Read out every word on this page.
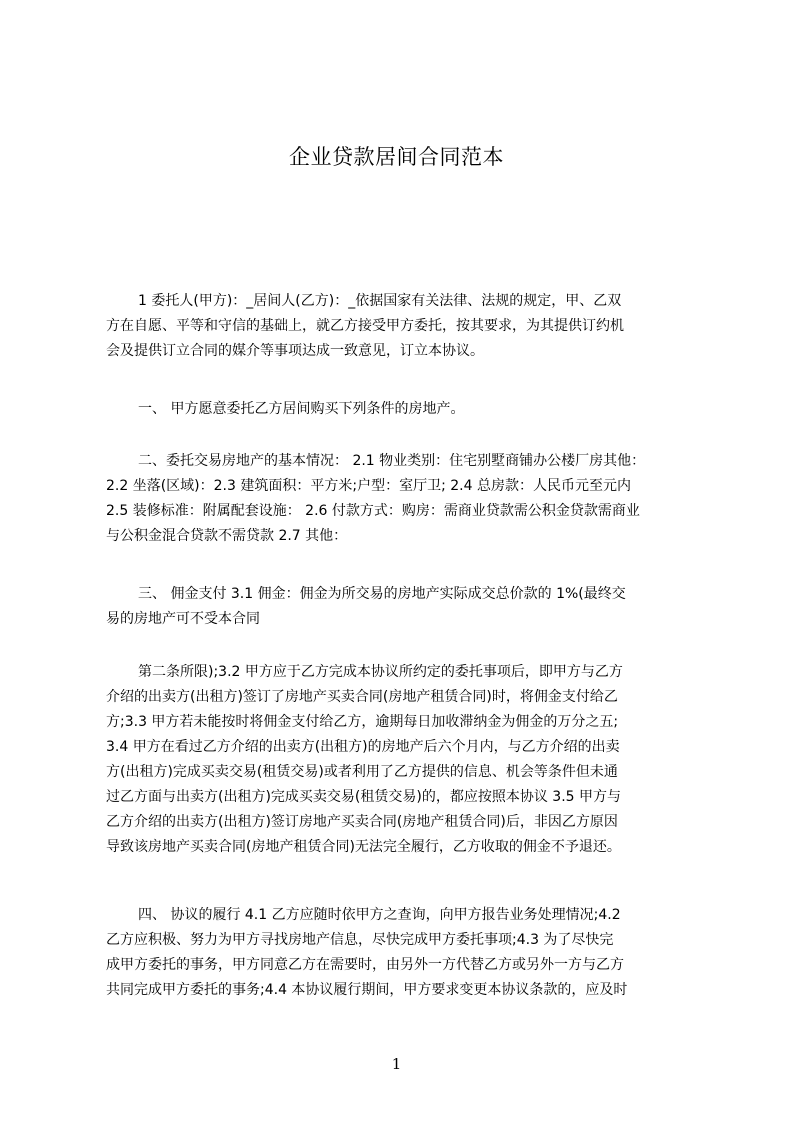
企业贷款居间合同范本
1 委托人(甲方)：_居间人(乙方)：_依据国家有关法律、法规的规定，甲、乙双
方在自愿、平等和守信的基础上，就乙方接受甲方委托，按其要求，为其提供订约机
会及提供订立合同的媒介等事项达成一致意见，订立本协议。
一、 甲方愿意委托乙方居间购买下列条件的房地产。
二、委托交易房地产的基本情况： 2.1 物业类别：住宅别墅商铺办公楼厂房其他：
2.2 坐落(区域)：2.3 建筑面积：平方米;户型：室厅卫; 2.4 总房款：人民币元至元内
2.5 装修标准：附属配套设施： 2.6 付款方式：购房：需商业贷款需公积金贷款需商业
与公积金混合贷款不需贷款 2.7 其他：
三、 佣金支付 3.1 佣金：佣金为所交易的房地产实际成交总价款的 1%(最终交
易的房地产可不受本合同
第二条所限);3.2 甲方应于乙方完成本协议所约定的委托事项后，即甲方与乙方
介绍的出卖方(出租方)签订了房地产买卖合同(房地产租赁合同)时，将佣金支付给乙
方;3.3 甲方若未能按时将佣金支付给乙方，逾期每日加收滞纳金为佣金的万分之五;
3.4 甲方在看过乙方介绍的出卖方(出租方)的房地产后六个月内，与乙方介绍的出卖
方(出租方)完成买卖交易(租赁交易)或者利用了乙方提供的信息、机会等条件但未通
过乙方面与出卖方(出租方)完成买卖交易(租赁交易)的，都应按照本协议 3.5 甲方与
乙方介绍的出卖方(出租方)签订房地产买卖合同(房地产租赁合同)后，非因乙方原因
导致该房地产买卖合同(房地产租赁合同)无法完全履行，乙方收取的佣金不予退还。
四、 协议的履行 4.1 乙方应随时依甲方之查询，向甲方报告业务处理情况;4.2
乙方应积极、努力为甲方寻找房地产信息，尽快完成甲方委托事项;4.3 为了尽快完
成甲方委托的事务，甲方同意乙方在需要时，由另外一方代替乙方或另外一方与乙方
共同完成甲方委托的事务;4.4 本协议履行期间，甲方要求变更本协议条款的，应及时
1
